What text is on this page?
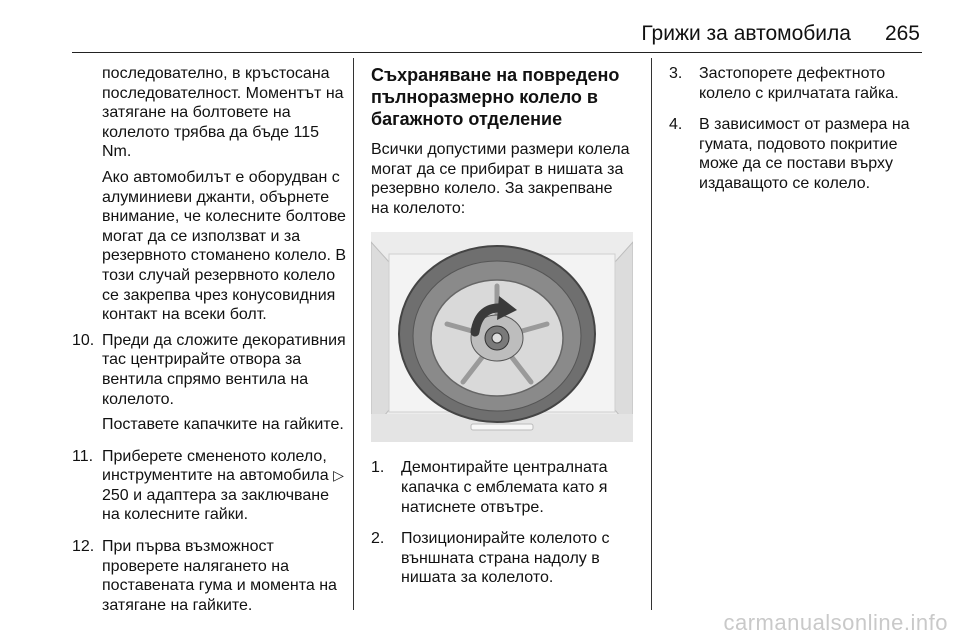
Грижи за автомобила 265

последователно, в кръстосана последователност. Моментът на затягане на болтовете на колелото трябва да бъде 115 Nm.

Ако автомобилът е оборудван с алуминиеви джанти, обърнете внимание, че колесните болтове могат да се използват и за резервното стоманено колело. В този случай резервното колело се закрепва чрез конусовидния контакт на всеки болт.

10. Преди да сложите декоративния тас центрирайте отвора за вентила спрямо вентила на колелото.

Поставете капачките на гайките.

11. Приберете смененото колело, инструментите на автомобила ▷ 250 и адаптера за заключване на колесните гайки.

12. При първа възможност проверете налягането на поставената гума и момента на затягане на гайките.

Съхраняване на повредено пълноразмерно колело в багажното отделение

Всички допустими размери колела могат да се прибират в нишата за резервно колело. За закрепване на колелото:

1.	Демонтирайте централната капачка с емблемата като я натиснете отвътре.

2.	Позиционирайте колелото с външната страна надолу в нишата за колелото.

3.	Застопорете дефектното колело с крилчатата гайка.

4.	В зависимост от размера на гумата, подовото покритие може да се постави върху издаващото се колело.

carmanualsonline.info
